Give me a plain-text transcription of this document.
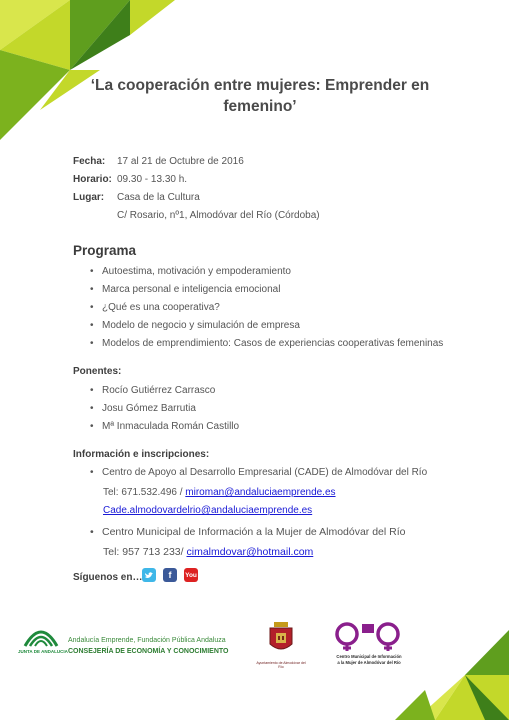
‘La cooperación entre mujeres: Emprender en
femenino’
Fecha: 17 al 21 de Octubre de 2016
Horario: 09.30 - 13.30 h.
Lugar: Casa de la Cultura
C/ Rosario, nº1, Almodóvar del Río (Córdoba)
Programa
• Autoestima, motivación y empoderamiento
• Marca personal e inteligencia emocional
• ¿Qué es una cooperativa?
• Modelo de negocio y simulación de empresa
• Modelos de emprendimiento: Casos de experiencias cooperativas femeninas
Ponentes:
• Rocío Gutiérrez Carrasco
• Josu Gómez Barrutia
• Mª Inmaculada Román Castillo
Información e inscripciones:
• Centro de Apoyo al Desarrollo Empresarial (CADE) de Almodóvar del Río
Tel: 671.532.496 / miroman@andaluciaemprende.es
Cade.almodovardelrio@andaluciaemprende.es
• Centro Municipal de Información a la Mujer de Almodóvar del Río
Tel: 957 713 233/ cimalmdovar@hotmail.com
Síguenos en…	f	You
JUNTA DE ANDALUCIA
Andalucía Emprende, Fundación Pública Andaluza
CONSEJERÍA DE ECONOMÍA Y CONOCIMIENTO
Ayuntamiento de Almodóvar del Río
Centro Municipal de Información
a la Mujer de Almodóvar del Río
